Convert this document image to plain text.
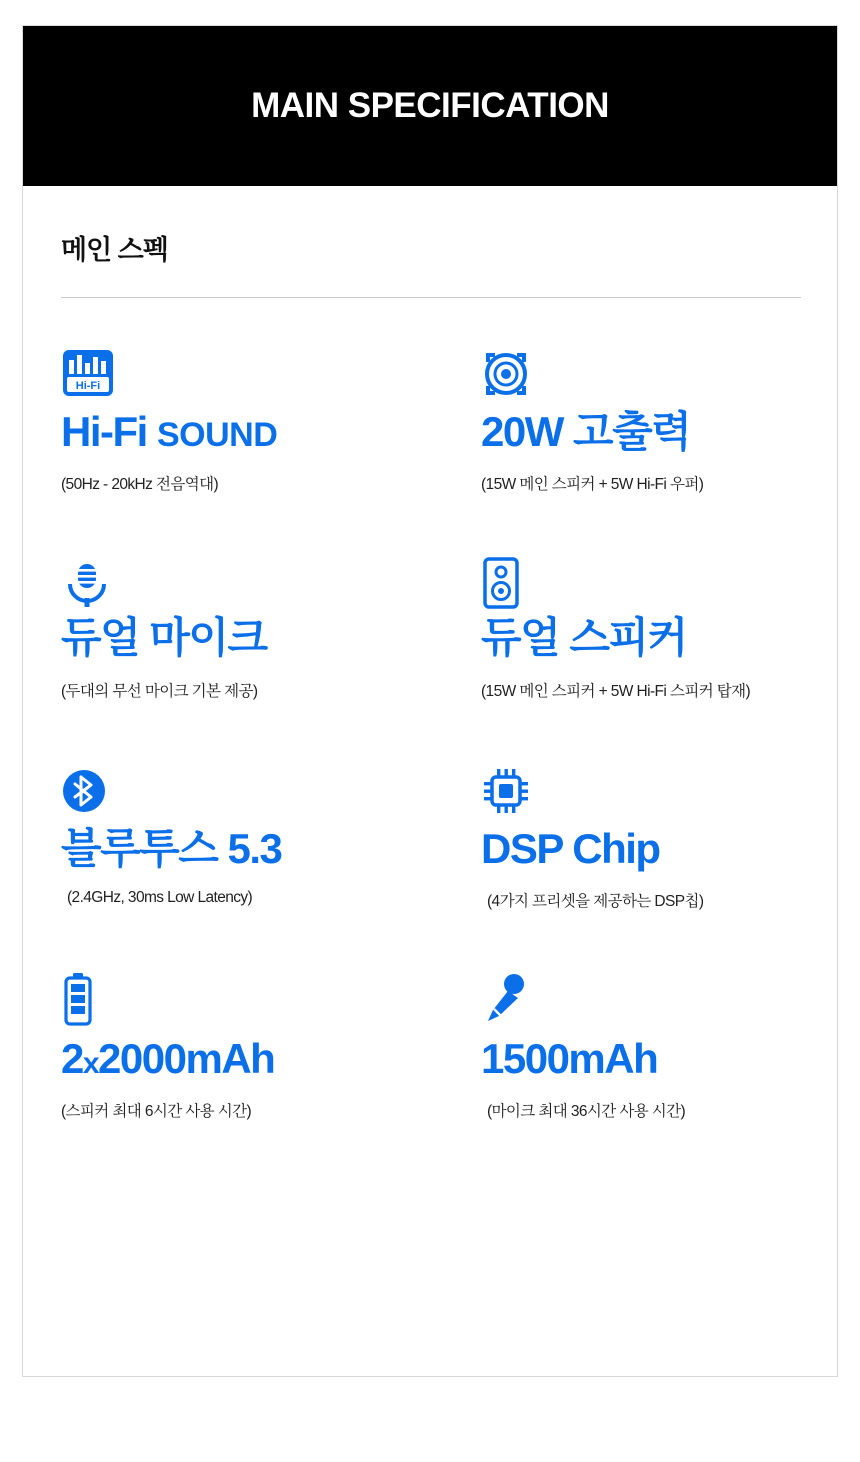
MAIN SPECIFICATION
메인 스펙
Hi-Fi
Hi-Fi SOUND
(50Hz - 20kHz 전음역대)
20W 고출력
(15W 메인 스피커 + 5W Hi-Fi 우퍼)
듀얼 마이크
(두대의 무선 마이크 기본 제공)
듀얼 스피커
(15W 메인 스피커 + 5W Hi-Fi 스피커 탑재)
블루투스 5.3
(2.4GHz, 30ms Low Latency)
DSP Chip
(4가지 프리셋을 제공하는 DSP칩)
2x2000mAh
(스피커 최대 6시간 사용 시간)
1500mAh
(마이크 최대 36시간 사용 시간)
